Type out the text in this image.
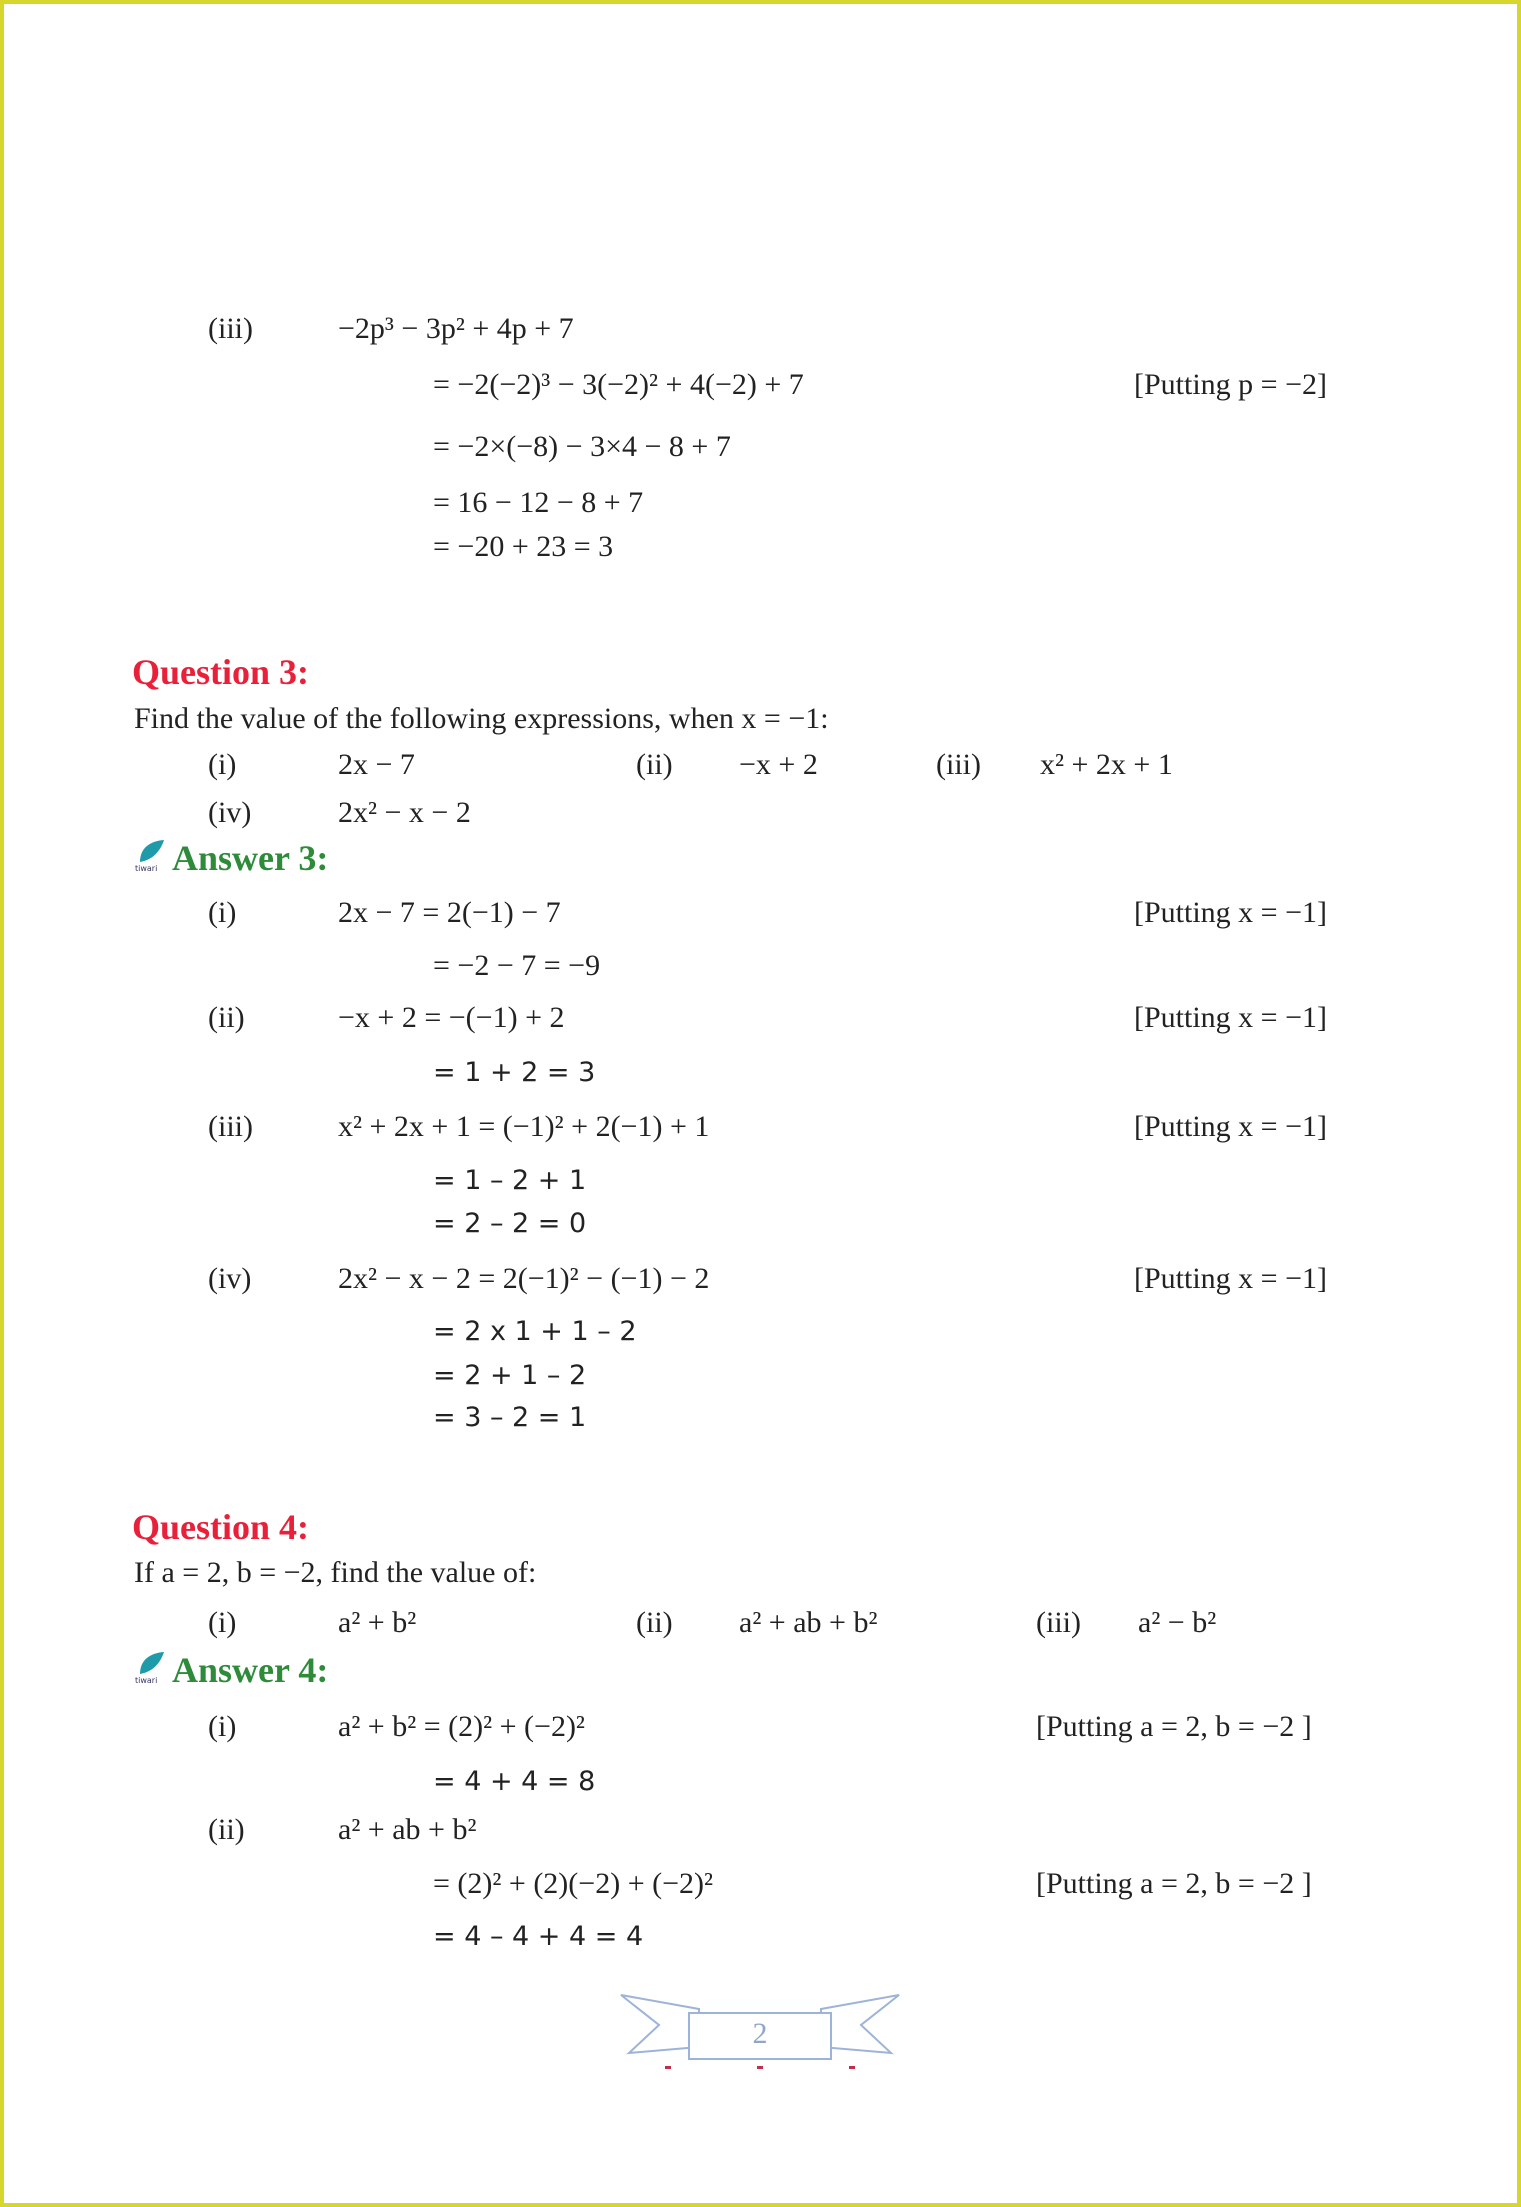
(iii)	−2p³ − 3p² + 4p + 7
= −2(−2)³ − 3(−2)² + 4(−2) + 7	[Putting p = −2]
= −2×(−8) − 3×4 − 8 + 7
= 16 − 12 − 8 + 7
= −20 + 23 = 3
Question 3:
Find the value of the following expressions, when x = −1:
(i)	2x − 7	(ii) −x + 2	(iii) x² + 2x + 1
(iv)	2x² − x − 2
tiwari Answer 3:
(i)	2x − 7 = 2(−1) − 7	[Putting x = −1]
= −2 − 7 = −9
(ii)	−x + 2 = −(−1) + 2	[Putting x = −1]
= 1 + 2 = 3
(iii)	x² + 2x + 1 = (−1)² + 2(−1) + 1	[Putting x = −1]
= 1 – 2 + 1
= 2 – 2 = 0
(iv)	2x² − x − 2 = 2(−1)² − (−1) − 2	[Putting x = −1]
= 2 x 1 + 1 – 2
= 2 + 1 – 2
= 3 – 2 = 1
Question 4:
If a = 2, b = −2, find the value of:
(i)	a² + b²	(ii) a² + ab + b²	(iii) a² − b²
tiwari Answer 4:
(i)	a² + b² = (2)² + (−2)²	[Putting a = 2, b = −2 ]
= 4 + 4 = 8
(ii)	a² + ab + b²
= (2)² + (2)(−2) + (−2)²	[Putting a = 2, b = −2 ]
= 4 – 4 + 4 = 4
2
